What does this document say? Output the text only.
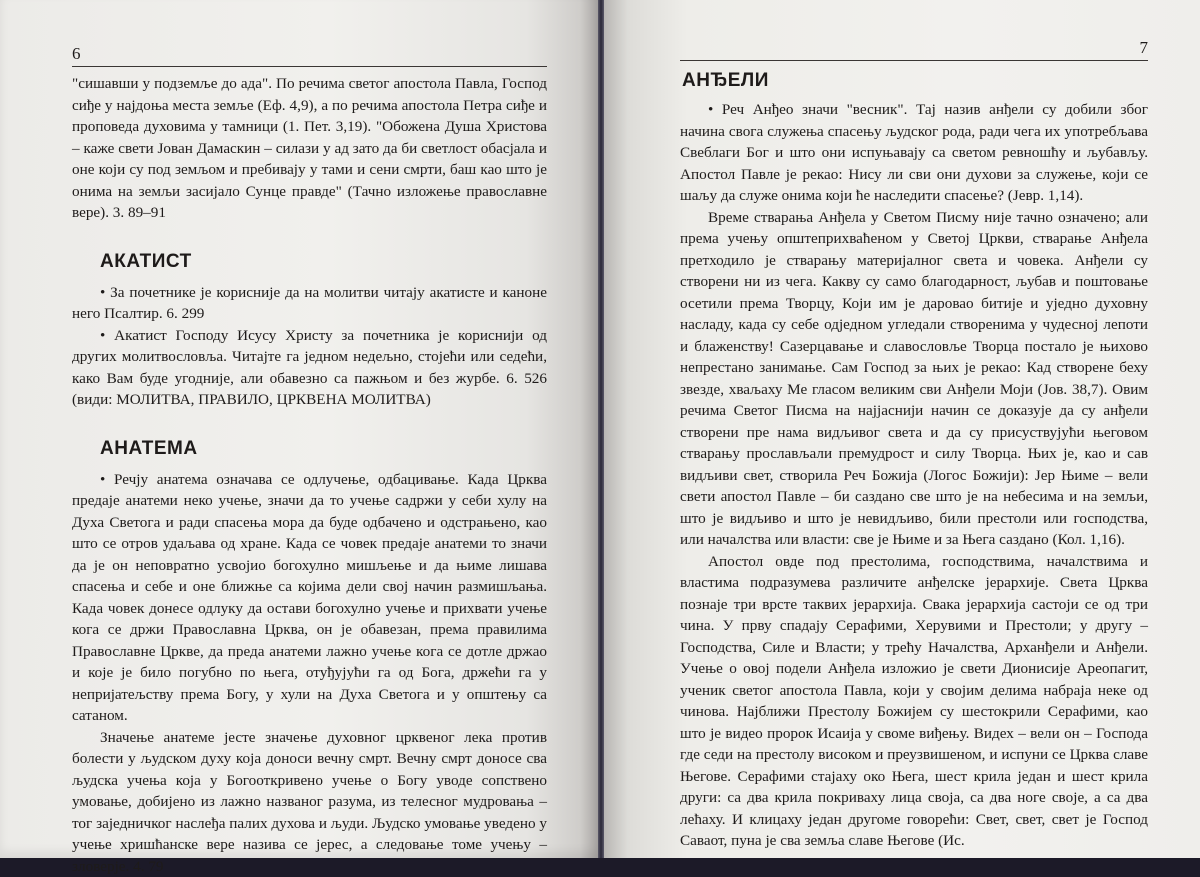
6

"сишавши у подземље до ада". По речима светог апостола Павла, Господ сиђе у најдоња места земље (Еф. 4,9), а по речима апостола Петра сиђе и проповеда духовима у тамници (1. Пет. 3,19). "Обожена Душа Христова – каже свети Јован Дамаскин – силази у ад зато да би светлост обасјала и оне који су под земљом и пребивају у тами и сени смрти, баш као што је онима на земљи засијало Сунце правде" (Тачно изложење православне вере). 3. 89–91

АКАТИСТ

• За почетнике је корисније да на молитви читају акатисте и каноне него Псалтир. 6. 299

• Акатист Господу Исусу Христу за почетника је кориснији од других молитвословља. Читајте га једном недељно, стојећи или седећи, како Вам буде угодније, али обавезно са пажњом и без журбе. 6. 526 (види: МОЛИТВА, ПРАВИЛО, ЦРКВЕНА МОЛИТВА)

АНАТЕМА

• Речју анатема означава се одлучење, одбацивање. Када Црква предаје анатеми неко учење, значи да то учење садржи у себи хулу на Духа Светога и ради спасења мора да буде одбачено и одстрањено, као што се отров удаљава од хране. Када се човек предаје анатеми то значи да је он неповратно усвојио богохулно мишљење и да њиме лишава спасења и себе и оне ближње са којима дели свој начин размишљања. Када човек донесе одлуку да остави богохулно учење и прихвати учење кога се држи Православна Црква, он је обавезан, према правилима Православне Цркве, да преда анатеми лажно учење кога се дотле држао и које је било погубно по њега, отуђујући га од Бога, држећи га у непријатељству према Богу, у хули на Духа Светога и у општењу са сатаном.

Значење анатеме јесте значење духовног црквеног лека против болести у људском духу која доноси вечну смрт. Вечну смрт доносе сва људска учења која у Богооткривено учење о Богу уводе сопствено умовање, добијено из лажно названог разума, из телесног мудровања – тог заједничког наслеђа палих духова и људи. Људско умовање уведено у учење хришћанске вере назива се јерес, а следовање томе учењу – зловерје. 4. 79

7
АНЂЕЛИ

• Реч Анђео значи "весник". Тај назив анђели су добили због начина свога служења спасењу људског рода, ради чега их употребљава Свеблаги Бог и што они испуњавају са светом ревношћу и љубављу. Апостол Павле је рекао: Нису ли сви они духови за служење, који се шаљу да служе онима који ће наследити спасење? (Јевр. 1,14).

Време стварања Анђела у Светом Писму није тачно означено; али према учењу општеприхваћеном у Светој Цркви, стварање Анђела претходило је стварању материјалног света и човека. Анђели су створени ни из чега. Какву су само благодарност, љубав и поштовање осетили према Творцу, Који им је даровао битије и уједно духовну насладу, када су себе одједном угледали створенима у чудесној лепоти и блаженству! Сазерцавање и славословље Творца постало је њихово непрестано занимање. Сам Господ за њих је рекао: Кад створене беху звезде, хваљаху Ме гласом великим сви Анђели Моји (Јов. 38,7). Овим речима Светог Писма на најјаснији начин се доказује да су анђели створени пре нама видљивог света и да су присуствујући његовом стварању прослављали премудрост и силу Творца. Њих је, као и сав видљиви свет, створила Реч Божија (Логос Божији): Јер Њиме – вели свети апостол Павле – би саздано све што је на небесима и на земљи, што је видљиво и што је невидљиво, били престоли или господства, или началства или власти: све је Њиме и за Њега саздано (Кол. 1,16).

Апостол овде под престолима, господствима, началствима и властима подразумева различите анђелске јерархије. Света Црква познаје три врсте таквих јерархија. Свака јерархија састоји се од три чина. У прву спадају Серафими, Херувими и Престоли; у другу – Господства, Силе и Власти; у трећу Началства, Арханђели и Анђели. Учење о овој подели Анђела изложио је свети Дионисије Ареопагит, ученик светог апостола Павла, који у својим делима набраја неке од чинова. Најближи Престолу Божијем су шестокрили Серафими, као што је видео пророк Исаија у своме виђењу. Видех – вели он – Господа где седи на престолу високом и преузвишеном, и испуни се Црква славе Његове. Серафими стајаху око Њега, шест крила један и шест крила други: са два крила покриваху лица своја, са два ноге своје, а са два лећаху. И клицаху један другоме говорећи: Свет, свет, свет је Господ Саваот, пуна је сва земља славе Његове (Ис.
